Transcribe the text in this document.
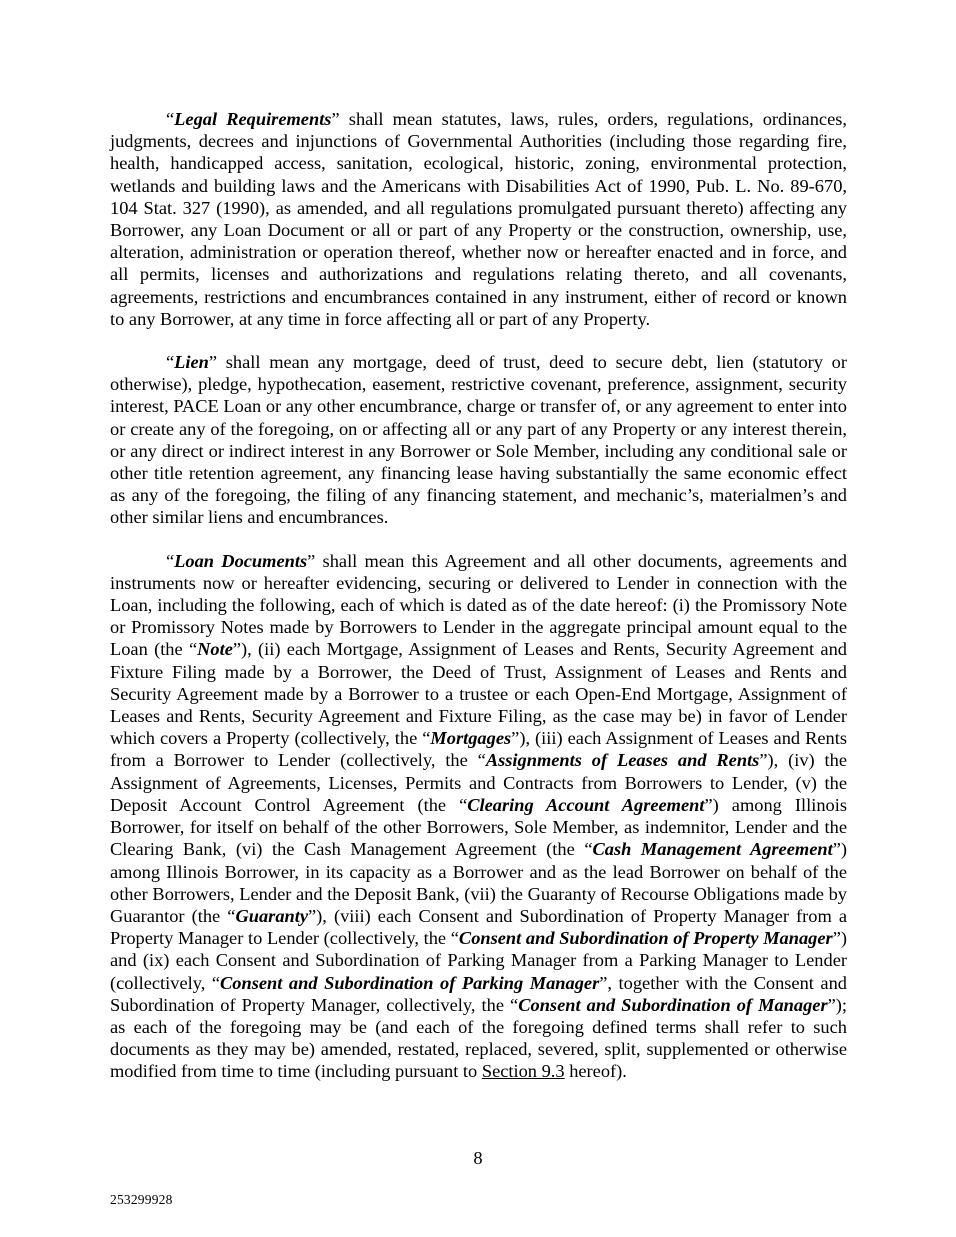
“Legal Requirements” shall mean statutes, laws, rules, orders, regulations, ordinances, judgments, decrees and injunctions of Governmental Authorities (including those regarding fire, health, handicapped access, sanitation, ecological, historic, zoning, environmental protection, wetlands and building laws and the Americans with Disabilities Act of 1990, Pub. L. No. 89-670, 104 Stat. 327 (1990), as amended, and all regulations promulgated pursuant thereto) affecting any Borrower, any Loan Document or all or part of any Property or the construction, ownership, use, alteration, administration or operation thereof, whether now or hereafter enacted and in force, and all permits, licenses and authorizations and regulations relating thereto, and all covenants, agreements, restrictions and encumbrances contained in any instrument, either of record or known to any Borrower, at any time in force affecting all or part of any Property.

“Lien” shall mean any mortgage, deed of trust, deed to secure debt, lien (statutory or otherwise), pledge, hypothecation, easement, restrictive covenant, preference, assignment, security interest, PACE Loan or any other encumbrance, charge or transfer of, or any agreement to enter into or create any of the foregoing, on or affecting all or any part of any Property or any interest therein, or any direct or indirect interest in any Borrower or Sole Member, including any conditional sale or other title retention agreement, any financing lease having substantially the same economic effect as any of the foregoing, the filing of any financing statement, and mechanic’s, materialmen’s and other similar liens and encumbrances.

“Loan Documents” shall mean this Agreement and all other documents, agreements and instruments now or hereafter evidencing, securing or delivered to Lender in connection with the Loan, including the following, each of which is dated as of the date hereof: (i) the Promissory Note or Promissory Notes made by Borrowers to Lender in the aggregate principal amount equal to the Loan (the “Note”), (ii) each Mortgage, Assignment of Leases and Rents, Security Agreement and Fixture Filing made by a Borrower, the Deed of Trust, Assignment of Leases and Rents and Security Agreement made by a Borrower to a trustee or each Open-End Mortgage, Assignment of Leases and Rents, Security Agreement and Fixture Filing, as the case may be) in favor of Lender which covers a Property (collectively, the “Mortgages”), (iii) each Assignment of Leases and Rents from a Borrower to Lender (collectively, the “Assignments of Leases and Rents”), (iv) the Assignment of Agreements, Licenses, Permits and Contracts from Borrowers to Lender, (v) the Deposit Account Control Agreement (the “Clearing Account Agreement”) among Illinois Borrower, for itself on behalf of the other Borrowers, Sole Member, as indemnitor, Lender and the Clearing Bank, (vi) the Cash Management Agreement (the “Cash Management Agreement”) among Illinois Borrower, in its capacity as a Borrower and as the lead Borrower on behalf of the other Borrowers, Lender and the Deposit Bank, (vii) the Guaranty of Recourse Obligations made by Guarantor (the “Guaranty”), (viii) each Consent and Subordination of Property Manager from a Property Manager to Lender (collectively, the “Consent and Subordination of Property Manager”) and (ix) each Consent and Subordination of Parking Manager from a Parking Manager to Lender (collectively, “Consent and Subordination of Parking Manager”, together with the Consent and Subordination of Property Manager, collectively, the “Consent and Subordination of Manager”); as each of the foregoing may be (and each of the foregoing defined terms shall refer to such documents as they may be) amended, restated, replaced, severed, split, supplemented or otherwise modified from time to time (including pursuant to Section 9.3 hereof).

8
253299928
